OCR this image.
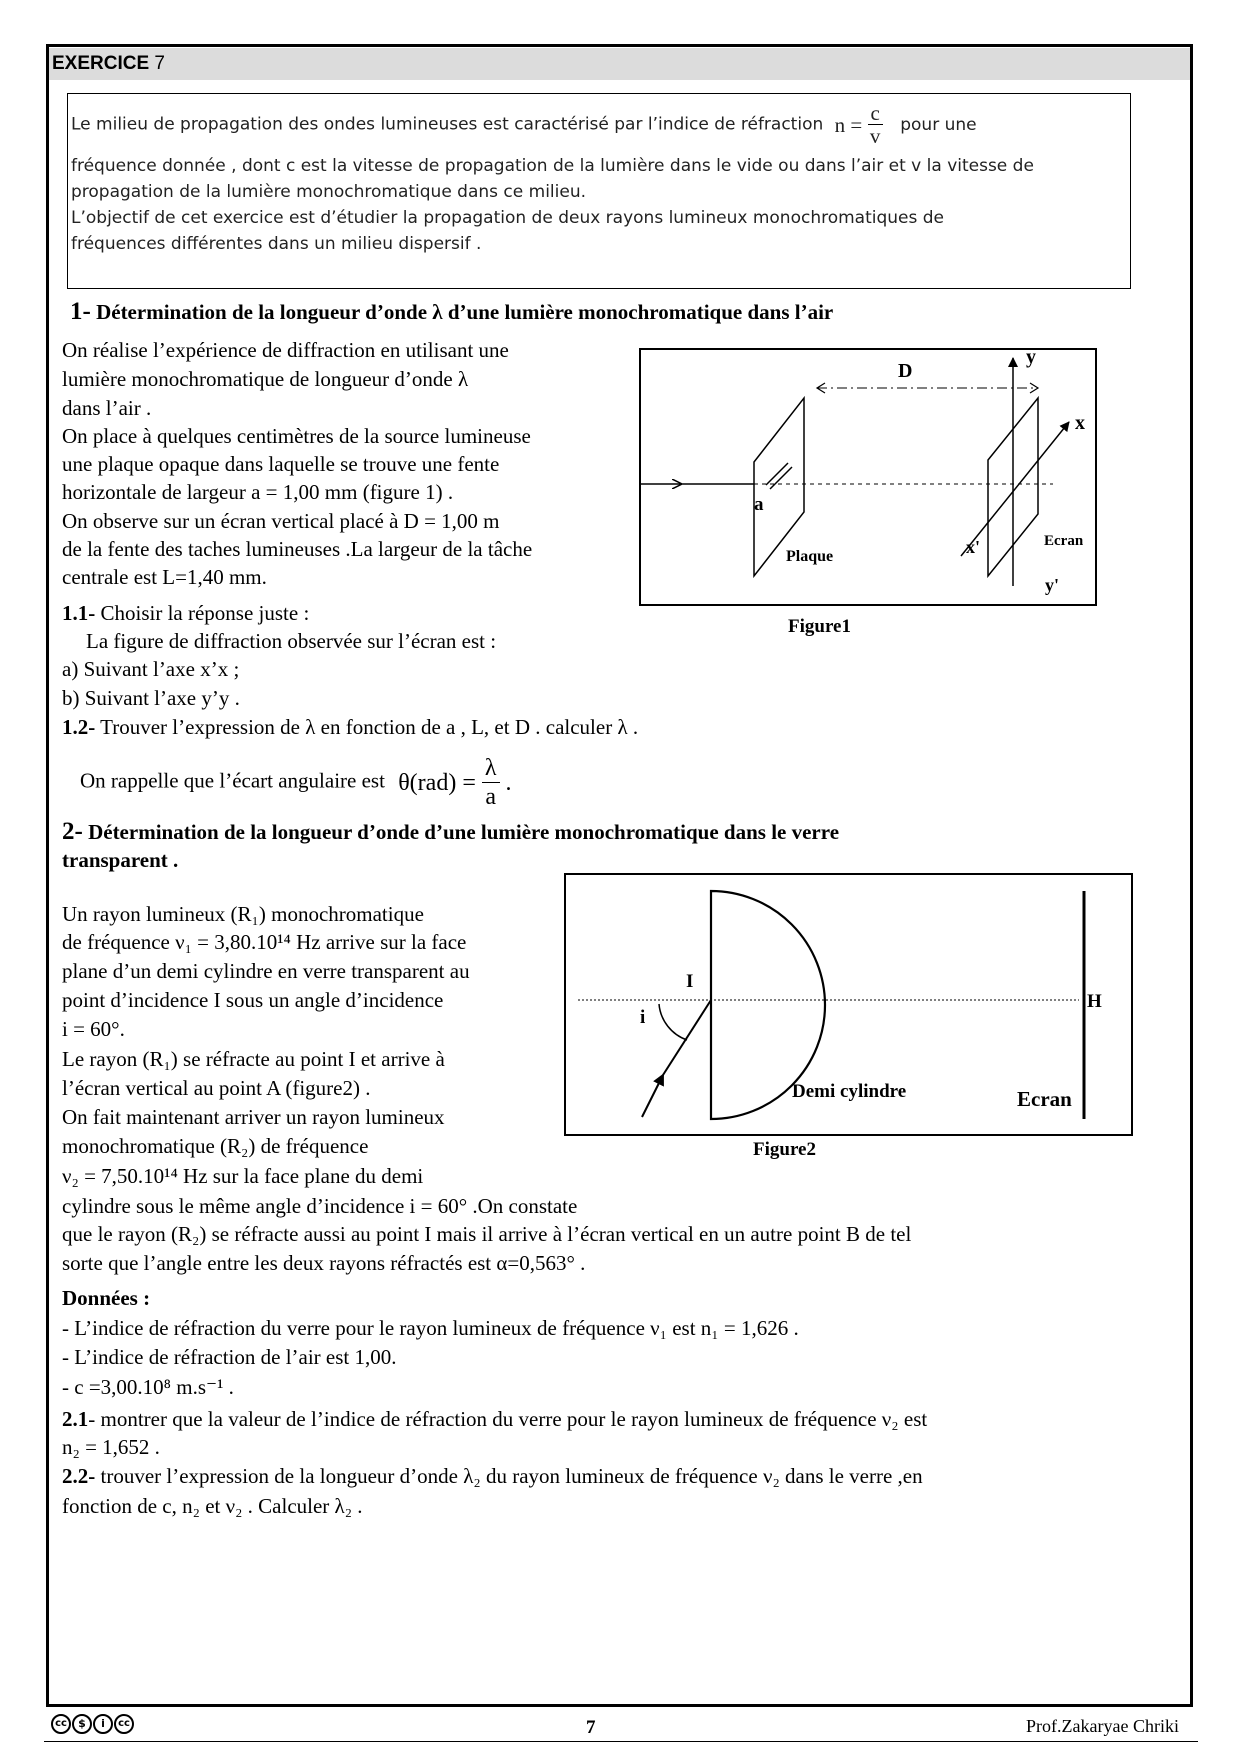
EXERCICE 7

Le milieu de propagation des ondes lumineuses est caractérisé par l’indice de réfraction $n = \frac{c}{v}$ pour une

fréquence donnée , dont c est la vitesse de propagation de la lumière dans le vide ou dans l’air et v la vitesse de

propagation de la lumière monochromatique dans ce milieu.

L’objectif de cet exercice est d’étudier la propagation de deux rayons lumineux monochromatiques de

fréquences différentes dans un milieu dispersif .

1- Détermination de la longueur d’onde λ d’une lumière monochromatique dans l’air
On réalise l’expérience de diffraction en utilisant une
lumière monochromatique de longueur d’onde λ
dans l’air .
On place à quelques centimètres de la source lumineuse
une plaque opaque dans laquelle se trouve une fente
horizontale de largeur a = 1,00 mm (figure 1) .
On observe sur un écran vertical placé à D = 1,00 m
de la fente des taches lumineuses .La largeur de la tâche
centrale est L=1,40 mm.
1.1- Choisir la réponse juste :
La figure de diffraction observée sur l’écran est :
a) Suivant l’axe x’x ;
b) Suivant l’axe y’y .
1.2- Trouver l’expression de λ en fonction de a , L, et D . calculer λ .
On rappelle que l’écart angulaire est $\theta(rad) = \frac{\lambda}{a}$ .
D
y
x
a
Plaque	x'	Ecran
y'
Figure1
2- Détermination de la longueur d’onde d’une lumière monochromatique dans le verre
transparent .
Un rayon lumineux (R₁) monochromatique
de fréquence ν₁ = 3,80.10¹⁴ Hz arrive sur la face
plane d’un demi cylindre en verre transparent au
point d’incidence I sous un angle d’incidence
i = 60°.
Le rayon (R₁) se réfracte au point I et arrive à
l’écran vertical au point A (figure2) .
On fait maintenant arriver un rayon lumineux
monochromatique (R₂) de fréquence
ν₂ = 7,50.10¹⁴ Hz sur la face plane du demi
cylindre sous le même angle d’incidence i = 60° .On constate
que le rayon (R₂) se réfracte aussi au point I mais il arrive à l’écran vertical en un autre point B de tel
sorte que l’angle entre les deux rayons réfractés est α=0,563° .
I
i
H
Demi cylindre	Ecran
Figure2
Données :
- L’indice de réfraction du verre pour le rayon lumineux de fréquence ν₁ est n₁ = 1,626 .
- L’indice de réfraction de l’air est 1,00.
- c =3,00.10⁸ m.s⁻¹ .
2.1- montrer que la valeur de l’indice de réfraction du verre pour le rayon lumineux de fréquence ν₂ est
n₂ = 1,652 .
2.2- trouver l’expression de la longueur d’onde λ₂ du rayon lumineux de fréquence ν₂ dans le verre ,en
fonction de c, n₂ et ν₂ . Calculer λ₂ .
cc	$	i	cc	7	Prof.Zakaryae Chriki
